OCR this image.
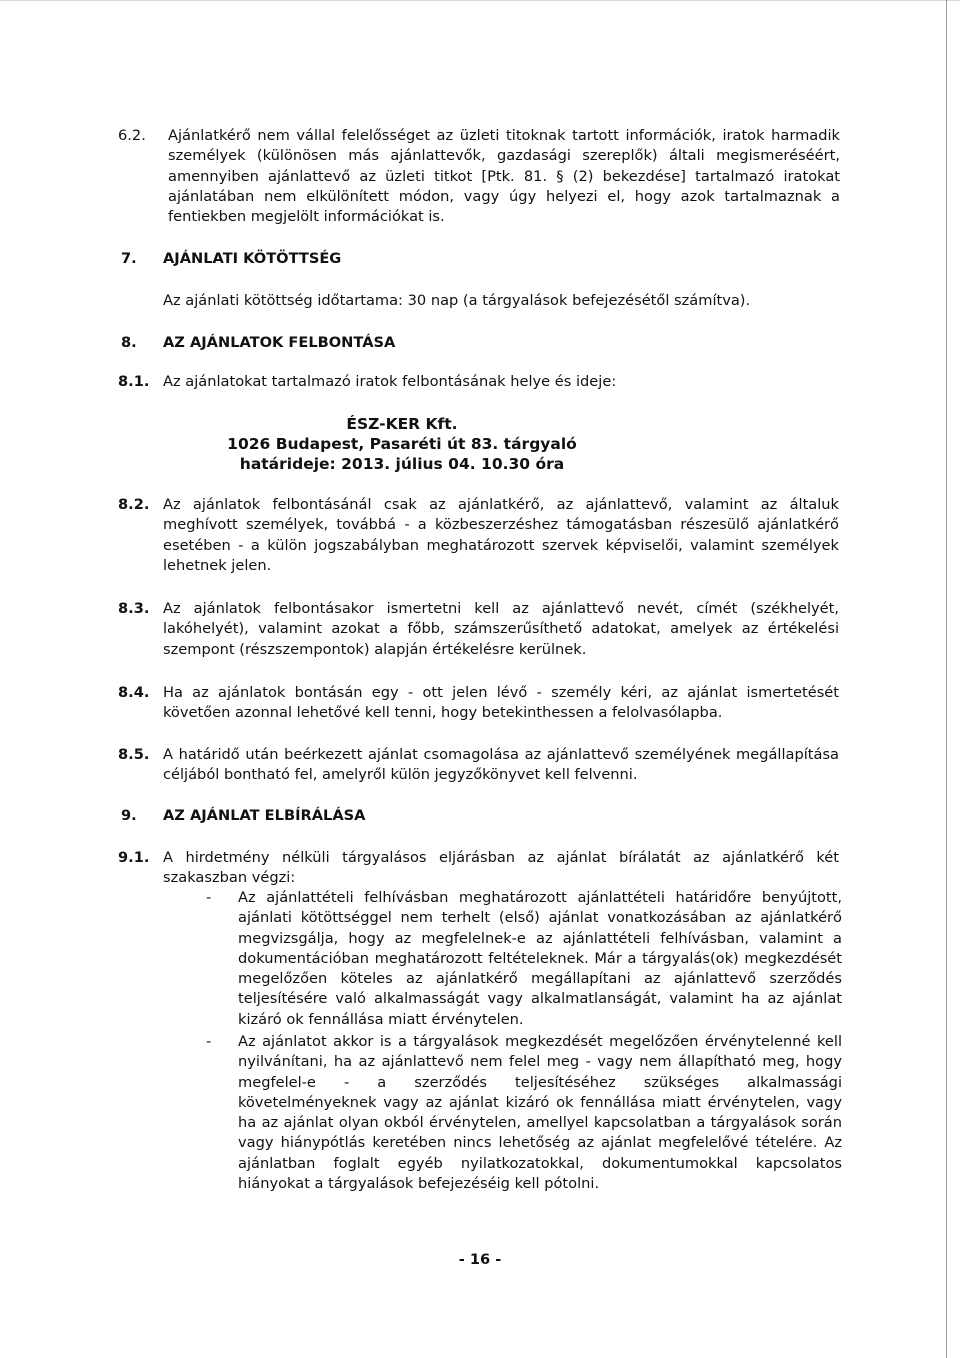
6.2. Ajánlatkérő nem vállal felelősséget az üzleti titoknak tartott információk, iratok harmadik személyek (különösen más ajánlattevők, gazdasági szereplők) általi megismeréséért, amennyiben ajánlattevő az üzleti titkot [Ptk. 81. § (2) bekezdése] tartalmazó iratokat ajánlatában nem elkülönített módon, vagy úgy helyezi el, hogy azok tartalmaznak a fentiekben megjelölt információkat is.
7. AJÁNLATI KÖTÖTTSÉG
Az ajánlati kötöttség időtartama: 30 nap (a tárgyalások befejezésétől számítva).
8. AZ AJÁNLATOK FELBONTÁSA
8.1. Az ajánlatokat tartalmazó iratok felbontásának helye és ideje:
ÉSZ-KER Kft.
1026 Budapest, Pasaréti út 83. tárgyaló
határideje: 2013. július 04. 10.30 óra
8.2. Az ajánlatok felbontásánál csak az ajánlatkérő, az ajánlattevő, valamint az általuk meghívott személyek, továbbá - a közbeszerzéshez támogatásban részesülő ajánlatkérő esetében - a külön jogszabályban meghatározott szervek képviselői, valamint személyek lehetnek jelen.
8.3. Az ajánlatok felbontásakor ismertetni kell az ajánlattevő nevét, címét (székhelyét, lakóhelyét), valamint azokat a főbb, számszerűsíthető adatokat, amelyek az értékelési szempont (részszempontok) alapján értékelésre kerülnek.
8.4. Ha az ajánlatok bontásán egy - ott jelen lévő - személy kéri, az ajánlat ismertetését követően azonnal lehetővé kell tenni, hogy betekinthessen a felolvasólapba.
8.5. A határidő után beérkezett ajánlat csomagolása az ajánlattevő személyének megállapítása céljából bontható fel, amelyről külön jegyzőkönyvet kell felvenni.
9. AZ AJÁNLAT ELBÍRÁLÁSA
9.1. A hirdetmény nélküli tárgyalásos eljárásban az ajánlat bírálatát az ajánlatkérő két szakaszban végzi:
- Az ajánlattételi felhívásban meghatározott ajánlattételi határidőre benyújtott, ajánlati kötöttséggel nem terhelt (első) ajánlat vonatkozásában az ajánlatkérő megvizsgálja, hogy az megfelelnek-e az ajánlattételi felhívásban, valamint a dokumentációban meghatározott feltételeknek. Már a tárgyalás(ok) megkezdését megelőzően köteles az ajánlatkérő megállapítani az ajánlattevő szerződés teljesítésére való alkalmasságát vagy alkalmatlanságát, valamint ha az ajánlat kizáró ok fennállása miatt érvénytelen.
- Az ajánlatot akkor is a tárgyalások megkezdését megelőzően érvénytelenné kell nyilvánítani, ha az ajánlattevő nem felel meg - vagy nem állapítható meg, hogy megfelel-e - a szerződés teljesítéséhez szükséges alkalmassági követelményeknek vagy az ajánlat kizáró ok fennállása miatt érvénytelen, vagy ha az ajánlat olyan okból érvénytelen, amellyel kapcsolatban a tárgyalások során vagy hiánypótlás keretében nincs lehetőség az ajánlat megfelelővé tételére. Az ajánlatban foglalt egyéb nyilatkozatokkal, dokumentumokkal kapcsolatos hiányokat a tárgyalások befejezéséig kell pótolni.
- 16 -
